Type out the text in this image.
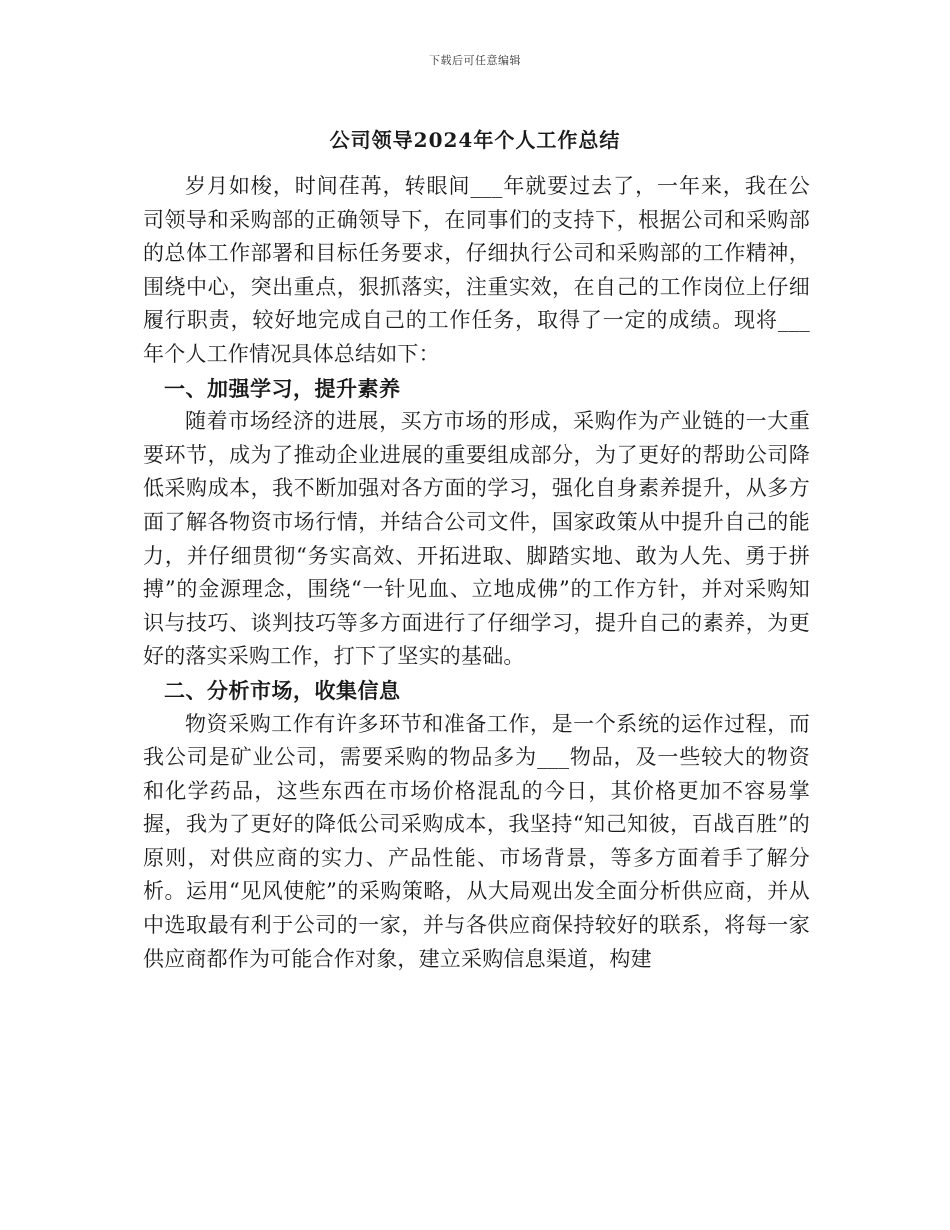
下载后可任意编辑
公司领导2024年个人工作总结

岁月如梭，时间荏苒，转眼间___年就要过去了，一年来，我在公司领导和采购部的正确领导下，在同事们的支持下，根据公司和采购部的总体工作部署和目标任务要求，仔细执行公司和采购部的工作精神，围绕中心，突出重点，狠抓落实，注重实效，在自己的工作岗位上仔细履行职责，较好地完成自己的工作任务，取得了一定的成绩。现将___年个人工作情况具体总结如下：

一、加强学习，提升素养

随着市场经济的进展，买方市场的形成，采购作为产业链的一大重要环节，成为了推动企业进展的重要组成部分，为了更好的帮助公司降低采购成本，我不断加强对各方面的学习，强化自身素养提升，从多方面了解各物资市场行情，并结合公司文件，国家政策从中提升自己的能力，并仔细贯彻“务实高效、开拓进取、脚踏实地、敢为人先、勇于拼搏”的金源理念，围绕“一针见血、立地成佛”的工作方针，并对采购知识与技巧、谈判技巧等多方面进行了仔细学习，提升自己的素养，为更好的落实采购工作，打下了坚实的基础。

二、分析市场，收集信息

物资采购工作有许多环节和准备工作，是一个系统的运作过程，而我公司是矿业公司，需要采购的物品多为___物品，及一些较大的物资和化学药品，这些东西在市场价格混乱的今日，其价格更加不容易掌握，我为了更好的降低公司采购成本，我坚持“知己知彼，百战百胜”的原则，对供应商的实力、产品性能、市场背景，等多方面着手了解分析。运用“见风使舵”的采购策略，从大局观出发全面分析供应商，并从中选取最有利于公司的一家，并与各供应商保持较好的联系，将每一家供应商都作为可能合作对象，建立采购信息渠道，构建
